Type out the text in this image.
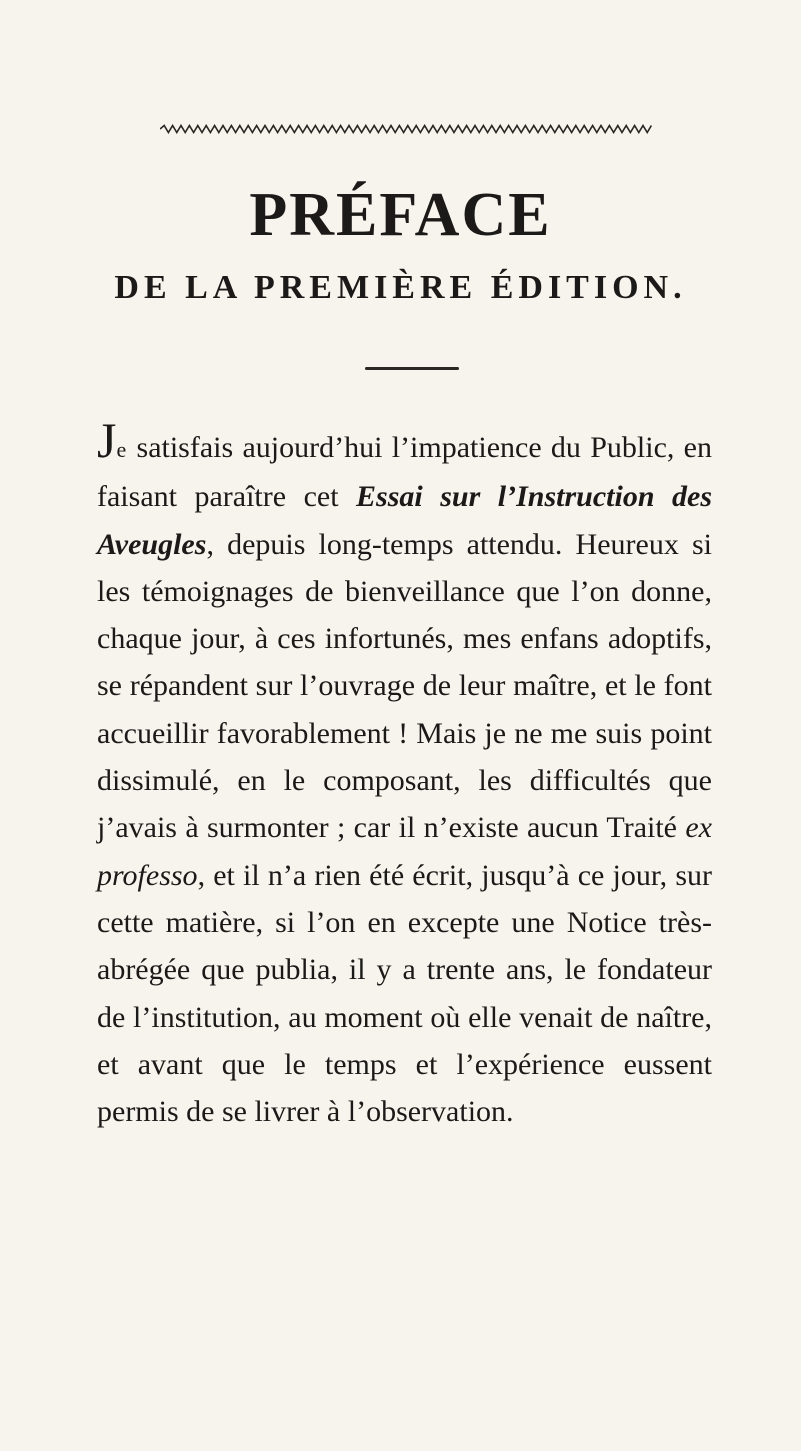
PRÉFACE
DE LA PREMIÈRE ÉDITION.

Je satisfais aujourd’hui l’impatience du Public, en faisant paraître cet Essai sur l’Instruction des Aveugles, depuis long-temps attendu. Heureux si les témoignages de bienveillance que l’on donne, chaque jour, à ces infortunés, mes enfans adoptifs, se répandent sur l’ouvrage de leur maître, et le font accueillir favorablement ! Mais je ne me suis point dissimulé, en le composant, les difficultés que j’avais à surmonter ; car il n’existe aucun Traité ex professo, et il n’a rien été écrit, jusqu’à ce jour, sur cette matière, si l’on en excepte une Notice très-abrégée que publia, il y a trente ans, le fondateur de l’institution, au moment où elle venait de naître, et avant que le temps et l’expérience eussent permis de se livrer à l’observation.
